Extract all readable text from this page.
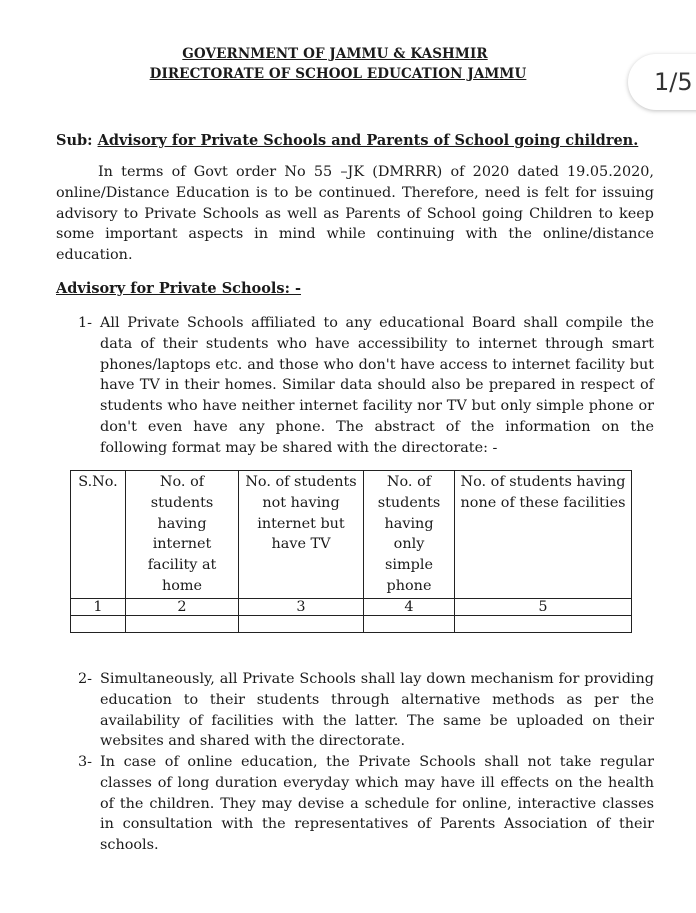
GOVERNMENT OF JAMMU & KASHMIR
DIRECTORATE OF SCHOOL EDUCATION JAMMU	1/5
Sub: Advisory for Private Schools and Parents of School going children.
In terms of Govt order No 55 –JK (DMRRR) of 2020 dated 19.05.2020, online/Distance Education is to be continued. Therefore, need is felt for issuing advisory to Private Schools as well as Parents of School going Children to keep some important aspects in mind while continuing with the online/distance education.
Advisory for Private Schools: -
1- All Private Schools affiliated to any educational Board shall compile the data of their students who have accessibility to internet through smart phones/laptops etc. and those who don't have access to internet facility but have TV in their homes. Similar data should also be prepared in respect of students who have neither internet facility nor TV but only simple phone or don't even have any phone. The abstract of the information on the following format may be shared with the directorate: -
S.No.	No. of students having internet facility at home	No. of students not having internet but have TV	No. of students having only simple phone	No. of students having none of these facilities
1	2	3	4	5

2- Simultaneously, all Private Schools shall lay down mechanism for providing education to their students through alternative methods as per the availability of facilities with the latter. The same be uploaded on their websites and shared with the directorate.
3- In case of online education, the Private Schools shall not take regular classes of long duration everyday which may have ill effects on the health of the children. They may devise a schedule for online, interactive classes in consultation with the representatives of Parents Association of their schools.
